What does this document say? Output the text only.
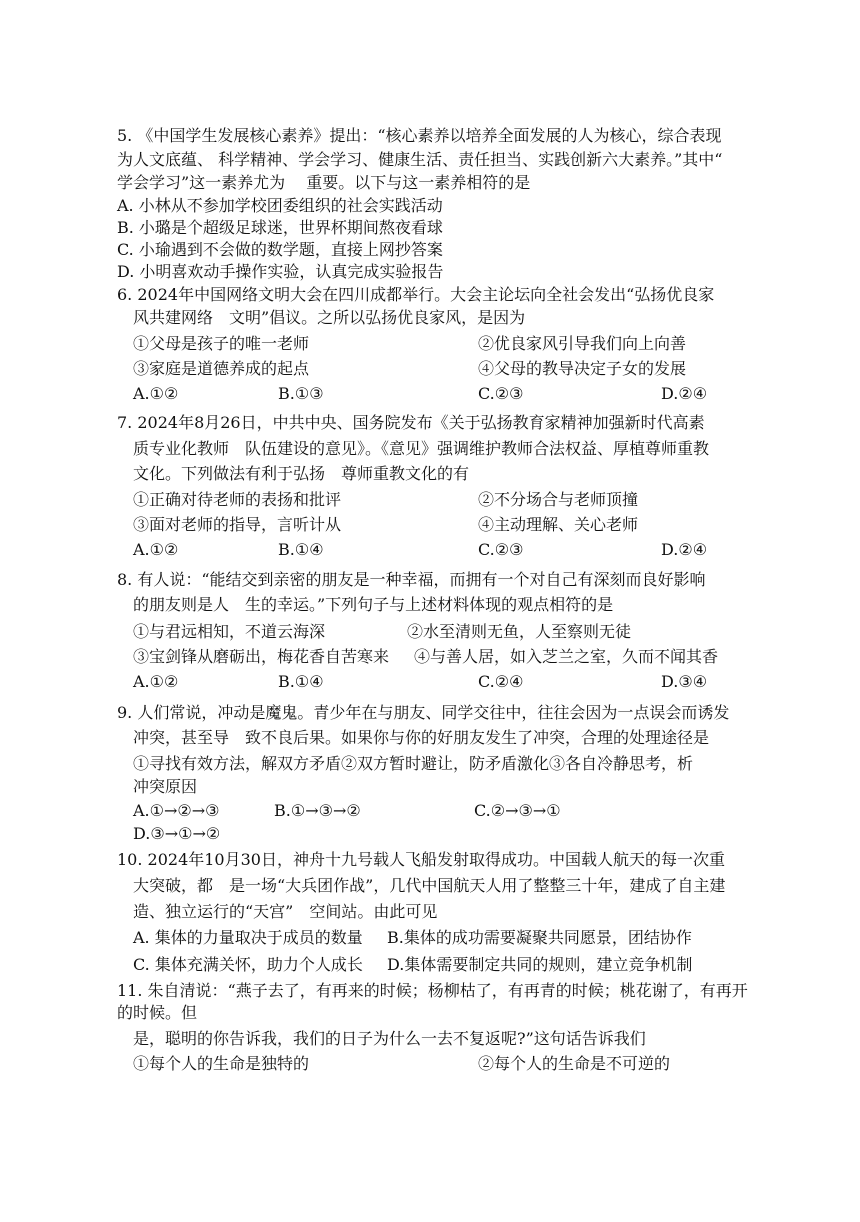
5. 《中国学生发展核心素养》提出：“核心素养以培养全面发展的人为核心，综合表现
为人文底蕴、 科学精神、学会学习、健康生活、责任担当、实践创新六大素养。”其中“
学会学习”这一素养尤为　 重要。以下与这一素养相符的是
A. 小林从不参加学校团委组织的社会实践活动
B. 小璐是个超级足球迷，世界杯期间熬夜看球
C. 小瑜遇到不会做的数学题，直接上网抄答案
D. 小明喜欢动手操作实验，认真完成实验报告
6. 2024年中国网络文明大会在四川成都举行。大会主论坛向全社会发出“弘扬优良家
风共建网络　文明”倡议。之所以弘扬优良家风，是因为
①父母是孩子的唯一老师	②优良家风引导我们向上向善
③家庭是道德养成的起点	④父母的教导决定子女的发展
A.①②	B.①③	C.②③	D.②④
7. 2024年8月26日，中共中央、国务院发布《关于弘扬教育家精神加强新时代高素
质专业化教师　队伍建设的意见》。《意见》强调维护教师合法权益、厚植尊师重教
文化。下列做法有利于弘扬　尊师重教文化的有
①正确对待老师的表扬和批评	②不分场合与老师顶撞
③面对老师的指导，言听计从	④主动理解、关心老师
A.①②	B.①④	C.②③	D.②④
8. 有人说：“能结交到亲密的朋友是一种幸福，而拥有一个对自己有深刻而良好影响
的朋友则是人　生的幸运。”下列句子与上述材料体现的观点相符的是
①与君远相知，不道云海深	②水至清则无鱼，人至察则无徒
③宝剑锋从磨砺出，梅花香自苦寒来 ④与善人居，如入芝兰之室，久而不闻其香
A.①②	B.①④	C.②④	D.③④
9. 人们常说，冲动是魔鬼。青少年在与朋友、同学交往中，往往会因为一点误会而诱发
冲突，甚至导　致不良后果。如果你与你的好朋友发生了冲突，合理的处理途径是
①寻找有效方法，解双方矛盾②双方暂时避让，防矛盾激化③各自冷静思考，析
冲突原因
A.①→②→③	B.①→③→②	C.②→③→①
D.③→①→②
10. 2024年10月30日，神舟十九号载人飞船发射取得成功。中国载人航天的每一次重
大突破，都　是一场“大兵团作战”，几代中国航天人用了整整三十年，建成了自主建
造、独立运行的“天宫”　空间站。由此可见
A. 集体的力量取决于成员的数量 B.集体的成功需要凝聚共同愿景，团结协作
C. 集体充满关怀，助力个人成长 D.集体需要制定共同的规则，建立竞争机制
11. 朱自清说：“燕子去了，有再来的时候；杨柳枯了，有再青的时候；桃花谢了，有再开
的时候。但
是，聪明的你告诉我，我们的日子为什么一去不复返呢?”这句话告诉我们
①每个人的生命是独特的	②每个人的生命是不可逆的
